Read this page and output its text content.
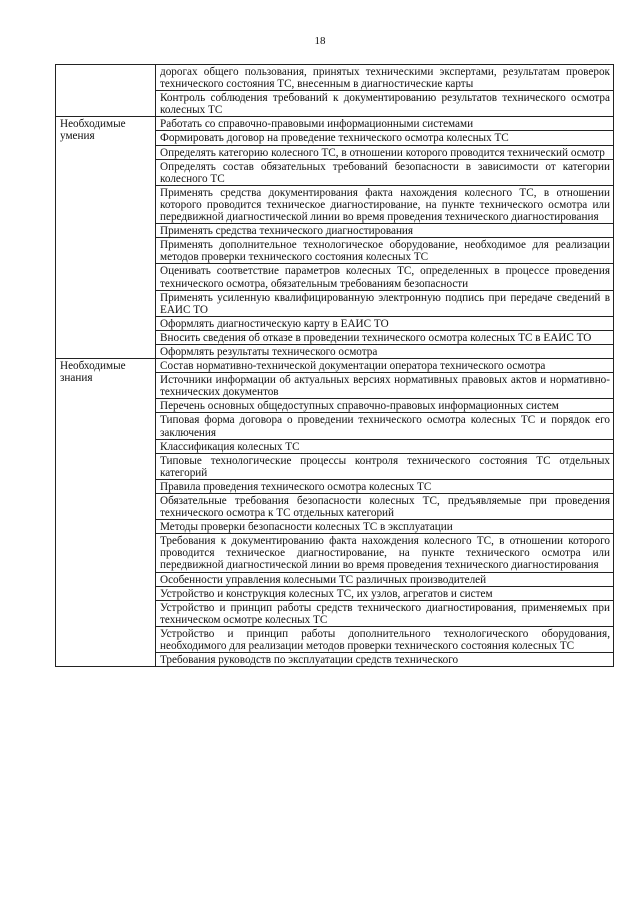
18
	дорогах общего пользования, принятых техническими экспертами, результатам проверок технического состояния ТС, внесенным в диагностические карты
	Контроль соблюдения требований к документированию результатов технического осмотра колесных ТС
Необходимые умения	Работать со справочно-правовыми информационными системами
	Формировать договор на проведение технического осмотра колесных ТС
	Определять категорию колесного ТС, в отношении которого проводится технический осмотр
	Определять состав обязательных требований безопасности в зависимости от категории колесного ТС
	Применять средства документирования факта нахождения колесного ТС, в отношении которого проводится техническое диагностирование, на пункте технического осмотра или передвижной диагностической линии во время проведения технического диагностирования
	Применять средства технического диагностирования
	Применять дополнительное технологическое оборудование, необходимое для реализации методов проверки технического состояния колесных ТС
	Оценивать соответствие параметров колесных ТС, определенных в процессе проведения технического осмотра, обязательным требованиям безопасности
	Применять усиленную квалифицированную электронную подпись при передаче сведений в ЕАИС ТО
	Оформлять диагностическую карту в ЕАИС ТО
	Вносить сведения об отказе в проведении технического осмотра колесных ТС в ЕАИС ТО
	Оформлять результаты технического осмотра
Необходимые знания	Состав нормативно-технической документации оператора технического осмотра
	Источники информации об актуальных версиях нормативных правовых актов и нормативно-технических документов
	Перечень основных общедоступных справочно-правовых информационных систем
	Типовая форма договора о проведении технического осмотра колесных ТС и порядок его заключения
	Классификация колесных ТС
	Типовые технологические процессы контроля технического состояния ТС отдельных категорий
	Правила проведения технического осмотра колесных ТС
	Обязательные требования безопасности колесных ТС, предъявляемые при проведения технического осмотра к ТС отдельных категорий
	Методы проверки безопасности колесных ТС в эксплуатации
	Требования к документированию факта нахождения колесного ТС, в отношении которого проводится техническое диагностирование, на пункте технического осмотра или передвижной диагностической линии во время проведения технического диагностирования
	Особенности управления колесными ТС различных производителей
	Устройство и конструкция колесных ТС, их узлов, агрегатов и систем
	Устройство и принцип работы средств технического диагностирования, применяемых при техническом осмотре колесных ТС
	Устройство и принцип работы дополнительного технологического оборудования, необходимого для реализации методов проверки технического состояния колесных ТС
	Требования руководств по эксплуатации средств технического
